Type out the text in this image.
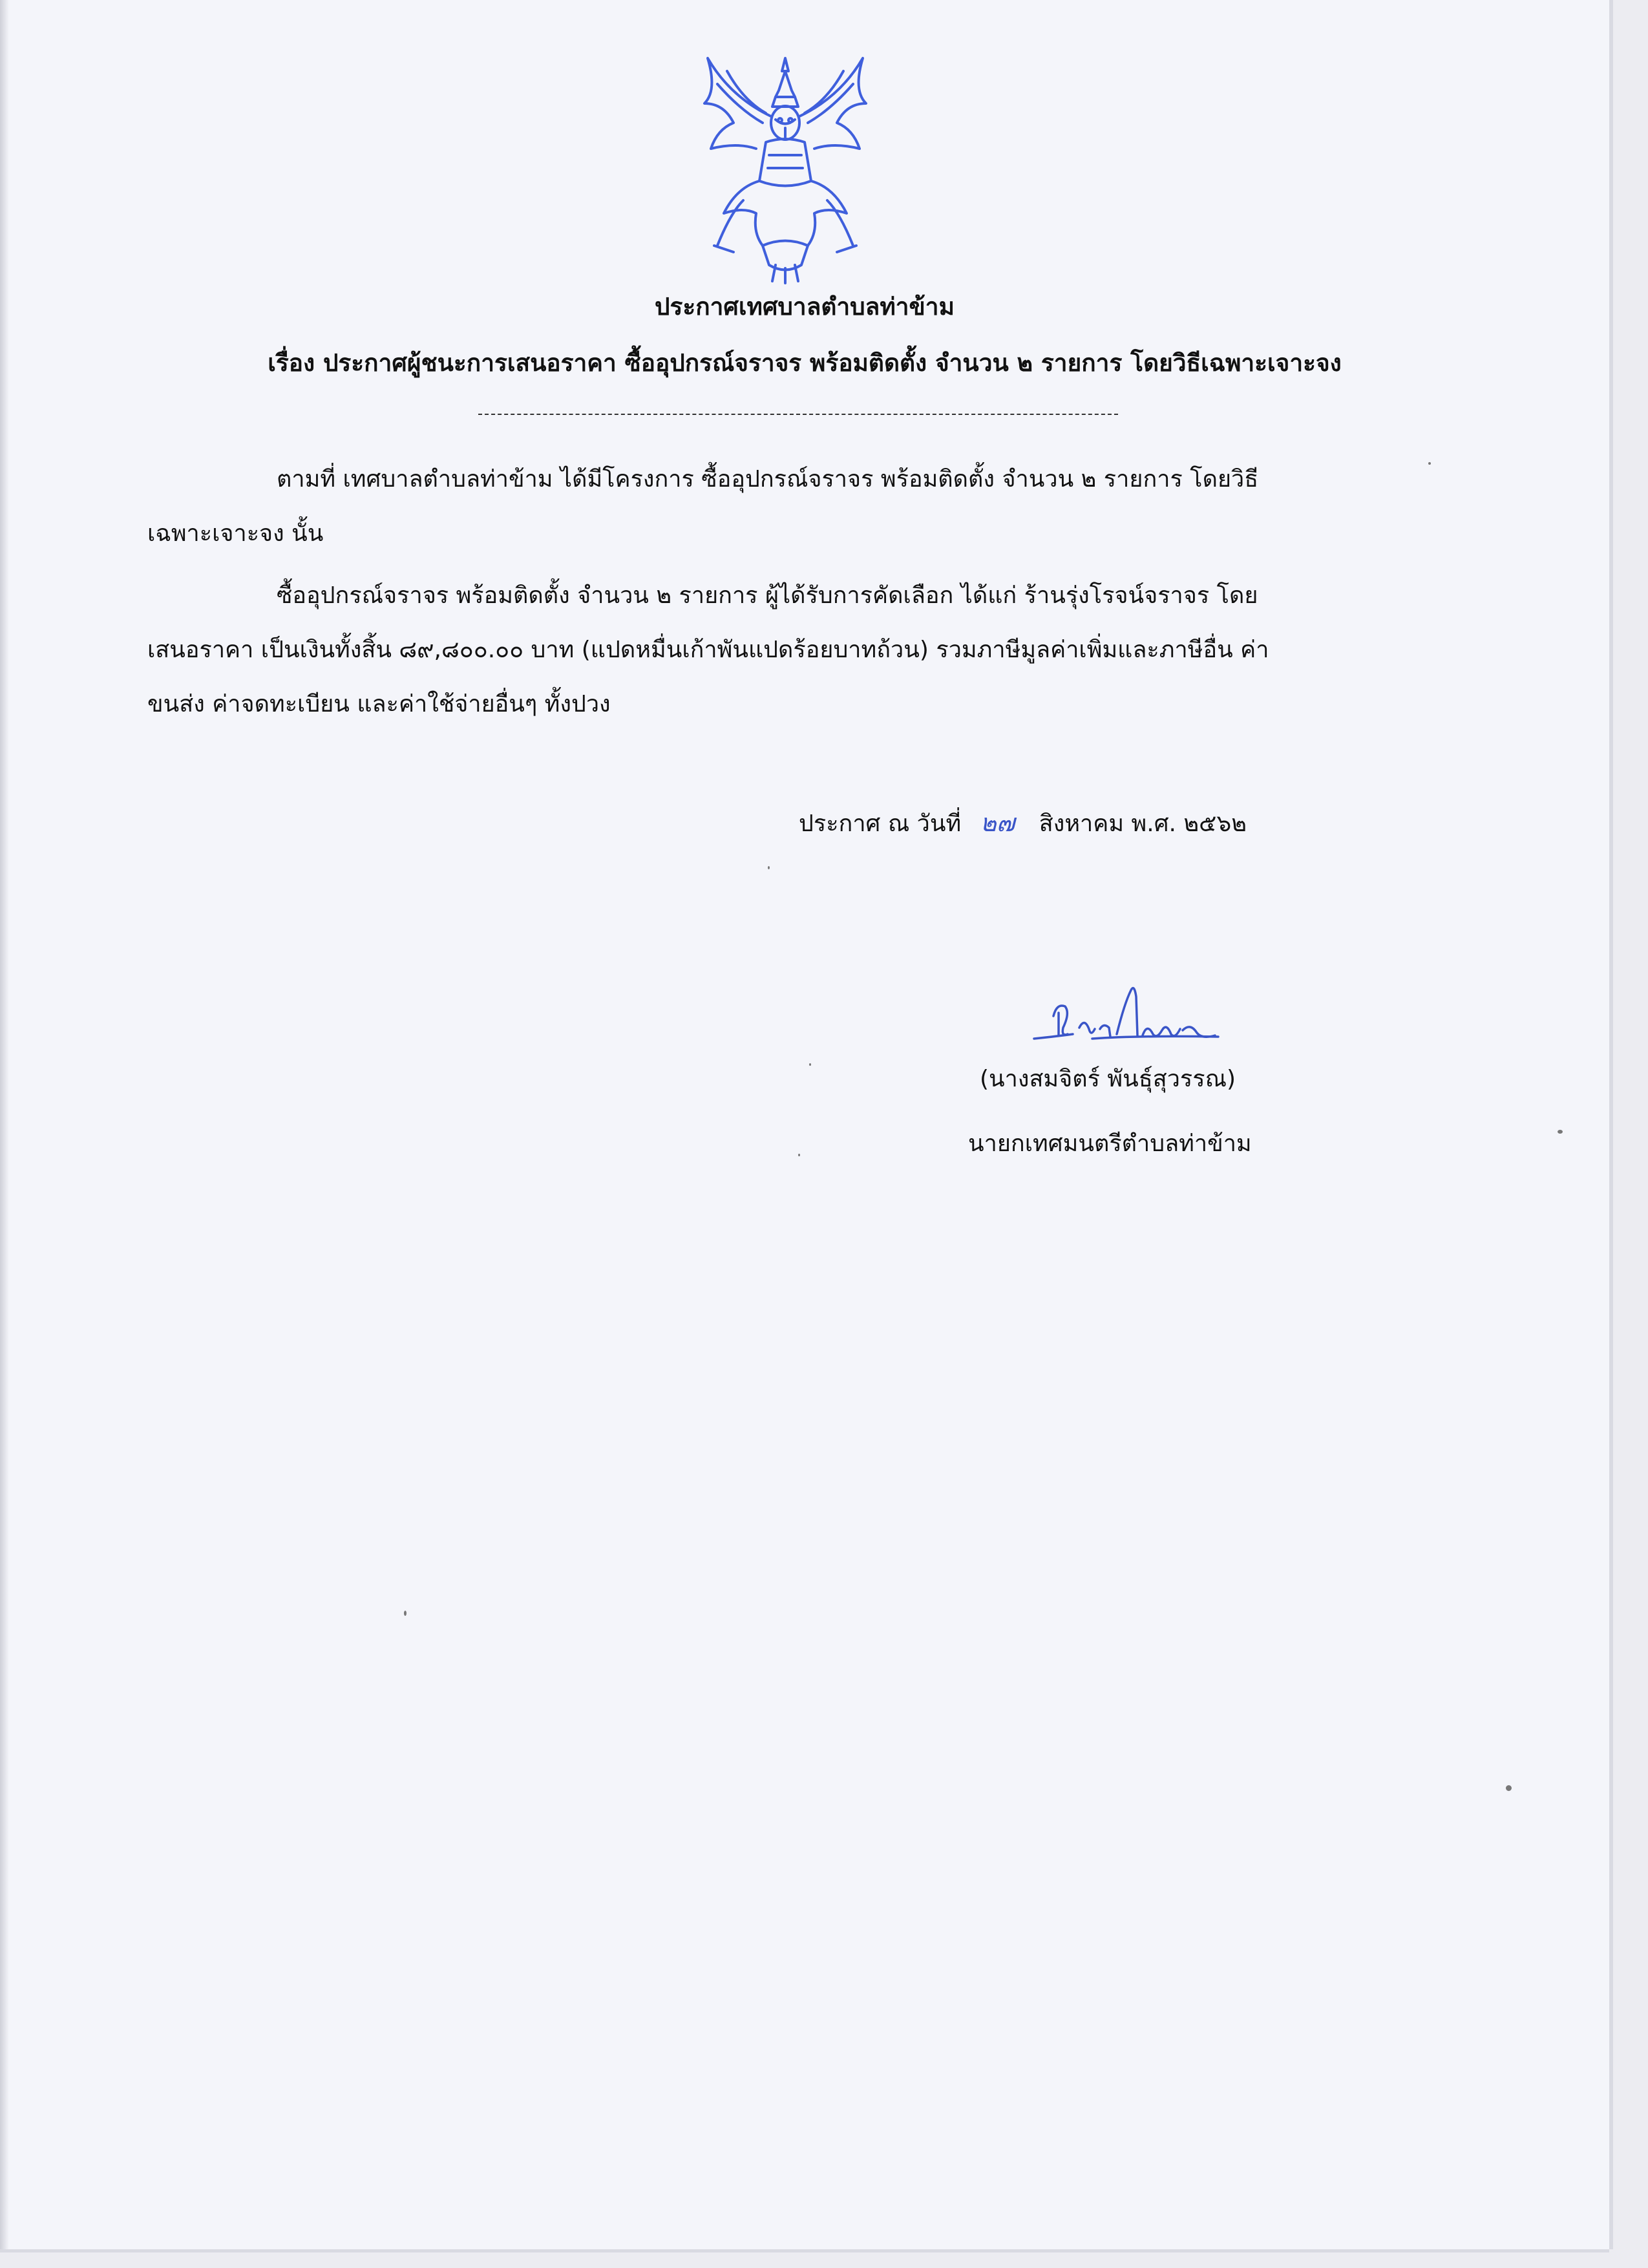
ประกาศเทศบาลตำบลท่าข้าม
เรื่อง ประกาศผู้ชนะการเสนอราคา ซื้ออุปกรณ์จราจร พร้อมติดตั้ง จำนวน ๒ รายการ โดยวิธีเฉพาะเจาะจง

ตามที่ เทศบาลตำบลท่าข้าม ได้มีโครงการ ซื้ออุปกรณ์จราจร พร้อมติดตั้ง จำนวน ๒ รายการ โดยวิธี

เฉพาะเจาะจง นั้น

ซื้ออุปกรณ์จราจร พร้อมติดตั้ง จำนวน ๒ รายการ ผู้ได้รับการคัดเลือก ได้แก่ ร้านรุ่งโรจน์จราจร โดย

เสนอราคา เป็นเงินทั้งสิ้น ๘๙,๘๐๐.๐๐ บาท (แปดหมื่นเก้าพันแปดร้อยบาทถ้วน) รวมภาษีมูลค่าเพิ่มและภาษีอื่น ค่า

ขนส่ง ค่าจดทะเบียน และค่าใช้จ่ายอื่นๆ ทั้งปวง

ประกาศ ณ วันที่ ๒๗ สิงหาคม พ.ศ. ๒๕๖๒
(นางสมจิตร์ พันธุ์สุวรรณ)
นายกเทศมนตรีตำบลท่าข้าม
